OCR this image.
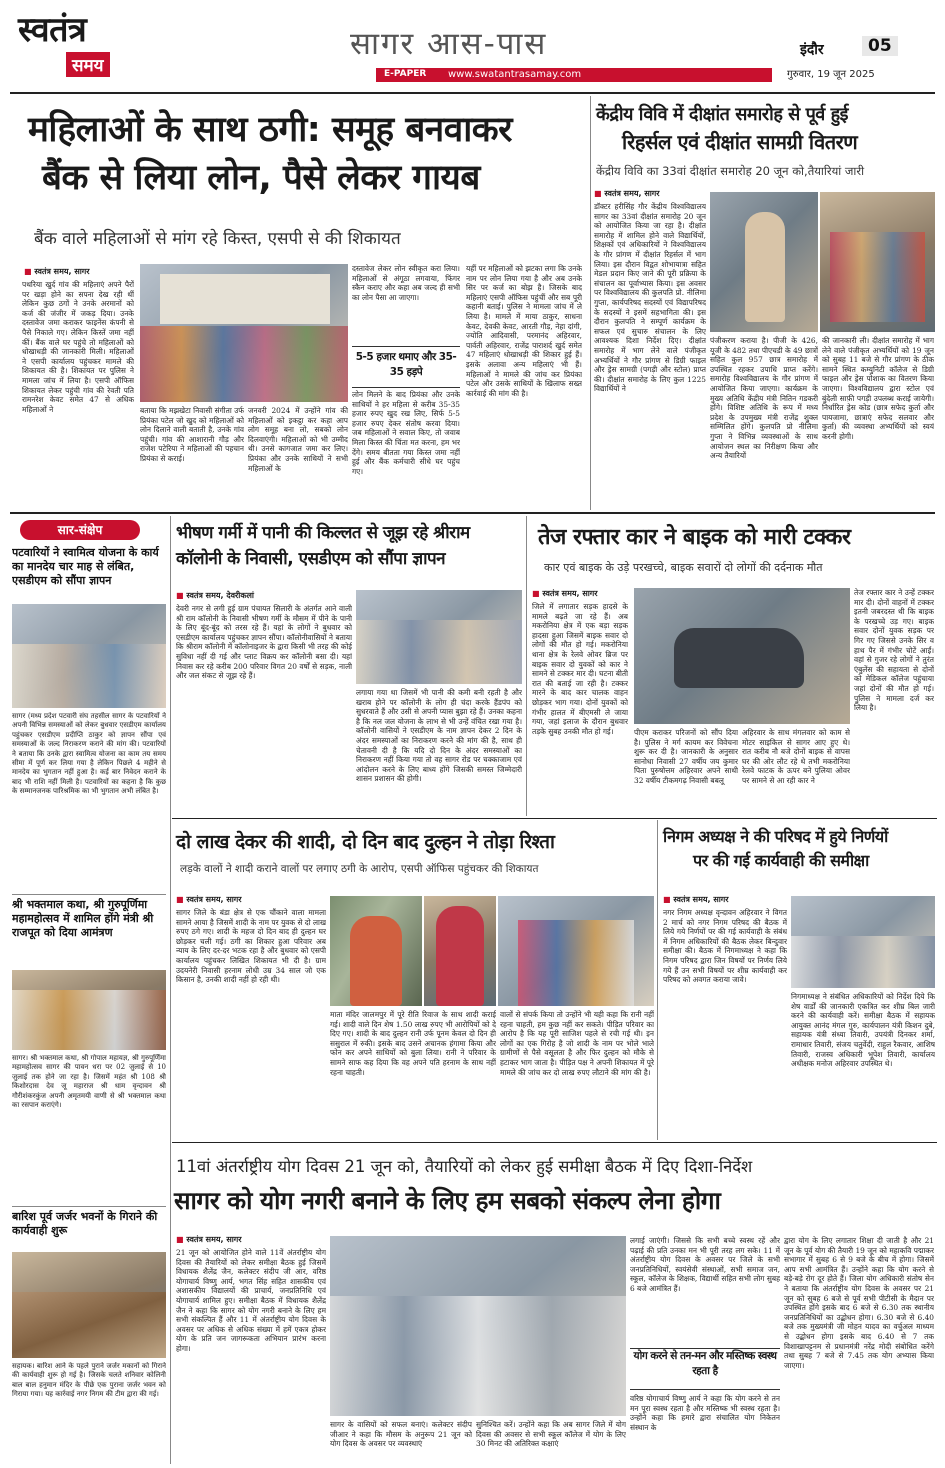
स्वतंत्र
समय
सागर आस-पास
E-PAPER www.swatantrasamay.com
इंदौर	05
गुरुवार, 19 जून 2025
महिलाओं के साथ ठगी: समूह बनवाकर
बैंक से लिया लोन, पैसे लेकर गायब
बैंक वाले महिलाओं से मांग रहे किस्त, एसपी से की शिकायत
■ स्वतंत्र समय, सागर
पथरिया खुर्द गांव की महिलाएं अपने पैरों पर खड़ा होने का सपना देख रही थीं लेकिन कुछ ठगों ने उनके अरमानों को कर्ज की जंजीर में जकड़ दिया। उनके दस्तावेज जमा कराकर फाइनेंस कंपनी से पैसे निकाले गए। लेकिन किस्तें जमा नहीं कीं। बैंक वाले घर पहुंचे तो महिलाओं को धोखाधड़ी की जानकारी मिली। महिलाओं ने एसपी कार्यालय पहुंचकर मामले की शिकायत की है। शिकायत पर पुलिस ने मामला जांच में लिया है। एसपी ऑफिस शिकायत लेकर पहुंची गांव की रेवती पति रामनरेश केवट समेत 47 से अधिक महिलाओं ने	बताया कि मझखेटा निवासी संगीता उर्फ प्रियंका पटेल जो खुद को महिलाओं को लोन दिलाने वाली बताती है, उनके गांव पहुंची। गांव की आशारानी गौड़ और राजेश पटेरिया ने महिलाओं की पहचान प्रियंका से कराई।
जनवरी 2024 में उन्होंने गांव की महिलाओं को इकट्ठा कर कहा आप लोग समूह बना लो, सबको लोन दिलवाएंगी। महिलाओं को भी उम्मीद थी। उनसे कागजात जमा कर लिए। प्रियंका और उनके साथियों ने सभी महिलाओं के
दस्तावेज लेकर लोन स्वीकृत करा लिया। महिलाओं से अंगूठा लगवाया, फिंगर स्कैन कराए और कहा अब जल्द ही सभी का लोन पैसा आ जाएगा।
5-5 हजार थमाए और 35-35 हड़पे
लोन मिलने के बाद प्रियंका और उनके साथियों ने हर महिला से करीब 35-35 हजार रुपए खुद रख लिए, सिर्फ 5-5 हजार रुपए देकर संतोष करवा दिया। जब महिलाओं ने सवाल किए, तो जवाब मिला किस्त की चिंता मत करना, हम भर देंगे। समय बीतता गया किस्त जमा नहीं हुई और बैंक कर्मचारी सीधे घर पहुंच गए।
यहीं पर महिलाओं को झटका लगा कि उनके नाम पर लोन लिया गया है और अब उनके सिर पर कर्ज का बोझ है। जिसके बाद महिलाएं एसपी ऑफिस पहुंचीं और सब पूरी कहानी बताई। पुलिस ने मामला जांच में ले लिया है। मामले में माया ठाकुर, साधना केवट, देवकी केवट, आरती गौड़, नेहा दांगी, ज्योति आदिवासी, परमानंद अहिरवार, पार्वती अहिरवार, राजेंद्र पाराशर्द खुर्द समेत 47 महिलाएं धोखाधड़ी की शिकार हुई हैं। इसके अलावा अन्य महिलाएं भी हैं। महिलाओं ने मामले की जांच कर प्रियंका पटेल और उसके साथियों के खिलाफ सख्त कार्रवाई की मांग की है।
केंद्रीय विवि में दीक्षांत समारोह से पूर्व हुई
रिहर्सल एवं दीक्षांत सामग्री वितरण
केंद्रीय विवि का 33वां दीक्षांत समारोह 20 जून को,तैयारियां जारी
■ स्वतंत्र समय, सागर
डॉक्टर हरीसिंह गौर केंद्रीय विश्वविद्यालय सागर का 33वां दीक्षांत समारोह 20 जून को आयोजित किया जा रहा है। दीक्षांत समारोह में शामिल होने वाले विद्यार्थियों, शिक्षकों एवं अधिकारियों ने विश्वविद्यालय के गौर प्रांगण में दीक्षांत रिहर्सल में भाग लिया। इस दौरान विद्वत शोभायात्रा सहित मेडल प्रदान किए जाने की पूरी प्रक्रिया के संचालन का पूर्वाभ्यास किया। इस अवसर पर विश्वविद्यालय की कुलपति प्रो. नीलिमा गुप्ता, कार्यपरिषद सदस्यों एवं विद्यापरिषद के सदस्यों ने इसमें सहभागिता की। इस दौरान कुलपति ने सम्पूर्ण कार्यक्रम के सफल एवं सुचारु संचालन के लिए आवश्यक दिशा निर्देश दिए। दीक्षांत समारोह में भाग लेने वाले पंजीकृत अभ्यर्थियों ने गौर प्रांगण से डिग्री फाइल और ड्रेस सामग्री (पगड़ी और स्टोल) प्राप्त की। दीक्षांत समारोह के लिए कुल 1225 विद्यार्थियों ने
पंजीकरण कराया है। पीजी के 426, यूजी के 482 तथा पीएचडी के 49 छात्रों सहित कुल 957 छात्र समारोह में उपस्थित रहकर उपाधि प्राप्त करेंगे। समारोह विश्वविद्यालय के गौर प्रांगण में आयोजित किया जाएगा। कार्यक्रम के मुख्य अतिथि केंद्रीय मंत्री नितिन गडकरी होंगे। विशिष्ट अतिथि के रूप में मध्य प्रदेश के उपमुख्य मंत्री राजेंद्र शुक्ल सम्मिलित होंगे। कुलपति प्रो नीलिमा गुप्ता ने विभिन्न व्यवस्थाओं के साथ आयोजन स्थल का निरीक्षण किया और अन्य तैयारियों
की जानकारी ली। दीक्षांत समारोह में भाग लेने वाले पंजीकृत अभ्यर्थियों को 19 जून को सुबह 11 बजे से गौर प्रांगण के ठीक सामने स्थित कम्युनिटी कॉलेज से डिग्री फाइल और ड्रेस पोशाक का वितरण किया जाएगा। विश्वविद्यालय द्वारा स्टोल एवं बुंदेली साफ़ी पगड़ी उपलब्ध कराई जायेगी। निर्धारित ड्रेस कोड (छात्र सफेद कुर्ता और पायजामा, छात्राएं सफेद सलवार और कुर्ता) की व्यवस्था अभ्यर्थियों को स्वयं करनी होगी।
सार-संक्षेप
पटवारियों ने स्वामित्व योजना के कार्य का मानदेय चार माह से लंबित, एसडीएम को सौंपा ज्ञापन
सागर (मध्य प्रदेश पटवारी संघ तहसील सागर के पटवारियों ने अपनी विभिन्न समस्याओं को लेकर बुधवार एसडीएम कार्यालय पहुंचकर एसडीएम प्रदीप्ति ठाकुर को ज्ञापन सौंपा एवं समस्याओं के जल्द निराकरण कराने की मांग की। पटवारियों ने बताया कि उनके द्वारा स्वामित्व योजना का काम तय समय सीमा में पूर्ण कर लिया गया है लेकिन पिछले 4 महीने से मानदेय का भुगतान नहीं हुआ है। कई बार निवेदन कराने के बाद भी राशि नहीं मिली है। पटवारियों का कहना है कि कुछ के सम्मानजनक पारिश्रमिक का भी भुगतान अभी लंबित है।
श्री भक्तमाल कथा, श्री गुरुपूर्णिमा महामहोत्सव में शामिल होंगे मंत्री श्री राजपूत को दिया आमंत्रण
सागर। श्री भक्तमाल कथा, श्री गोपाल महायज्ञ, श्री गुरुपूर्णिमा महामहोत्सव सागर की पावन धरा पर 02 जुलाई से 10 जुलाई तक होने जा रहा है। जिसमें महंत श्री 108 श्री किशोरदास देव जू महाराज श्री धाम वृन्दावन श्री गौरीशंकरकुंज अपनी अमृतमयी वाणी से श्री भक्तमाल कथा का रसपान कराएंगे।
बारिश पूर्व जर्जर भवनों के गिराने की कार्यवाही शुरू
सहायक। बारिश आने के पहले पुराने जर्जर मकानों को गिराने की कार्यवाही शुरू हो गई है। जिसके चलते शनिवार कोलिनी बाल बाल हनुमान मंदिर के पीछे एक पुराना जर्जर भवन को गिराया गया। यह कार्रवाई नगर निगम की टीम द्वारा की गई।
भीषण गर्मी में पानी की किल्लत से जूझ रहे श्रीराम
कॉलोनी के निवासी, एसडीएम को सौंपा ज्ञापन
■ स्वतंत्र समय, देवरीकलां
देवरी नगर से लगी हुई ग्राम पंचायत सिलारी के अंतर्गत आने वाली श्री राम कॉलोनी के निवासी भीषण गर्मी के मौसम में पीने के पानी के लिए बूंद-बूंद को तरस रहे हैं। यहां के लोगों ने बुधवार को एसडीएम कार्यालय पहुंचकर ज्ञापन सौंपा। कॉलोनीवासियों ने बताया कि श्रीराम कॉलोनी में कॉलोनाइजर के द्वारा किसी भी तरह की कोई सुविधा नहीं दी गई और प्लाट विक्रय कर कॉलोनी बसा दी। यहां निवास कर रहे करीब 200 परिवार विगत 20 वर्षों से सड़क, नाली और जल संकट से जूझ रहे हैं।
लगाया गया था जिसमें भी पानी की कमी बनी रहती है और खराब होने पर कॉलोनी के लोग ही चंदा करके हैंडपंप को सुधरवाते हैं और उसी से अपनी प्यास बुझा रहे हैं। उनका कहना है कि नल जल योजना के लाभ से भी उन्हें वंचित रखा गया है। कॉलोनी वासियों ने एसडीएम के नाम ज्ञापन देकर 2 दिन के अंदर समस्याओं का निराकरण करने की मांग की है, साथ ही चेतावनी दी है कि यदि दो दिन के अंदर समस्याओं का निराकरण नहीं किया गया तो वह सागर रोड पर चक्काजाम एवं आंदोलन करने के लिए बाध्य होंगे जिसकी समस्त जिम्मेदारी शासन प्रशासन की होगी।
तेज रफ्तार कार ने बाइक को मारी टक्कर
कार एवं बाइक के उड़े परखच्चे, बाइक सवारों दो लोगों की दर्दनाक मौत
■ स्वतंत्र समय, सागर
जिले में लगातार सड़क हादसे के मामले बढ़ते जा रहे हैं। अब मकरोनिया क्षेत्र में एक बड़ा सड़क हादसा हुआ जिसमें बाइक सवार दो लोगों की मौत हो गई। मकरोनिया थाना क्षेत्र के रेलवे ओवर ब्रिज पर बाइक सवार दो युवकों को कार ने सामने से टक्कर मार दी। घटना बीती रात की बताई जा रही है। टक्कर मारने के बाद कार चालक वाहन छोड़कर भाग गया। दोनों युवकों को गंभीर हालत में बीएमसी ले जाया गया, जहां इलाज के दौरान बुधवार तड़के सुबह उनकी मौत हो गई।	पीएम कराकर परिजनों को सौंप दिया है। पुलिस ने मर्ग कायम कर विवेचना शुरू कर दी है। जानकारी के अनुसार सानोधा निवासी 27 वर्षीय जय कुमार पिता पुरुषोत्तम अहिरवार अपने साथी 32 वर्षीय टीकमगढ़ निवासी बबलू
अहिरवार के साथ मंगलवार को काम से मोटर साइकिल से सागर आए हुए थे। रात करीब नौ बजे दोनों बाइक से वापस घर की ओर लौट रहे थे तभी मकरोनिया रेलवे फाटक के ऊपर बने पुलिया ओवर पर सामने से आ रही कार ने
तेज रफ्तार कार ने उन्हें टक्कर मार दी। दोनों वाहनों में टक्कर इतनी जबरदस्त थी कि बाइक के परखच्चे उड़ गए। बाइक सवार दोनों युवक सड़क पर गिर गए जिससे उनके सिर व हाथ पैर में गंभीर चोटें आईं। वहां से गुजर रहे लोगों ने तुरंत एंबुलेंस की सहायता से दोनों को मेडिकल कॉलेज पहुंचाया जहां दोनों की मौत हो गई। पुलिस ने मामला दर्ज कर लिया है।
दो लाख देकर की शादी, दो दिन बाद दुल्हन ने तोड़ा रिश्ता
लड़के वालों ने शादी कराने वालों पर लगाए ठगी के आरोप, एसपी ऑफिस पहुंचकर की शिकायत
■ स्वतंत्र समय, सागर
सागर जिले के बंडा क्षेत्र से एक चौंकाने वाला मामला सामने आया है जिसमें शादी के नाम पर युवक से दो लाख रुपए ठगे गए। शादी के महज दो दिन बाद ही दुल्हन घर छोड़कर चली गई। ठगी का शिकार हुआ परिवार अब न्याय के लिए दर-दर भटक रहा है और बुधवार को एसपी कार्यालय पहुंचकर लिखित शिकायत भी दी है। ग्राम उदयनेरी निवासी हरनाम लोधी उम्र 34 साल जो एक किसान है, उनकी शादी नहीं हो रही थी।
माता मंदिर जालमपुर में पूरे रीति रिवाज के साथ शादी कराई गई। शादी वाले दिन शेष 1.50 लाख रुपए भी आरोपियों को दे दिए गए। शादी के बाद दुल्हन रानी उर्फ पूनम केवल दो दिन ही ससुराल में रुकी। इसके बाद उसने अचानक हंगामा किया और फोन कर अपने साथियों को बुला लिया। रानी ने परिवार के सामने साफ कह दिया कि वह अपने पति हरनाम के साथ नहीं रहना चाहती।
वालों से संपर्क किया तो उन्होंने भी यही कहा कि रानी नहीं रहना चाहती, हम कुछ नहीं कर सकते। पीड़ित परिवार का आरोप है कि यह पूरी साजिश पहले से रची गई थी। इन लोगों का एक गिरोह है जो शादी के नाम पर भोले भाले ग्रामीणों से पैसे वसूलता है और फिर दुल्हन को मौके से हटाकर भाग जाता है। पीड़ित पक्ष ने अपनी शिकायत में पूरे मामले की जांच कर दो लाख रुपए लौटाने की मांग की है।
निगम अध्यक्ष ने की परिषद में हुये निर्णयों
पर की गई कार्यवाही की समीक्षा
■ स्वतंत्र समय, सागर
नगर निगम अध्यक्ष वृन्दावन अहिरवार ने विगत 2 मार्च को नगर निगम परिषद की बैठक में लिये गये निर्णयों पर की गई कार्यवाही के संबंध में निगम अधिकारियों की बैठक लेकर बिन्दुवार समीक्षा की। बैठक में निगमाध्यक्ष ने कहा कि निगम परिषद द्वारा जिन विषयों पर निर्णय लिये गये हैं उन सभी विषयों पर शीघ्र कार्यवाही कर परिषद को अवगत कराया जावे।
निगमाध्यक्ष ने संबंधित अधिकारियों को निर्देश दिये कि शेष वार्डों की जानकारी एकत्रित कर शीघ्र बिल जारी करने की कार्यवाही करें। समीक्षा बैठक में सहायक आयुक्त आनंद मंगल गुरु, कार्यपालन यंत्री किशन दुबे, सहायक यंत्री संध्या तिवारी, उपयंत्री दिनकर शर्मा, रामाधार तिवारी, संजय चतुर्वेदी, राहुल रैकवार, आशिष तिवारी, राजस्व अधिकारी भूपेश तिवारी, कार्यालय अधीक्षक मनोज अहिरवार उपस्थित थे।
11वां अंतर्राष्ट्रीय योग दिवस 21 जून को, तैयारियों को लेकर हुई समीक्षा बैठक में दिए दिशा-निर्देश
सागर को योग नगरी बनाने के लिए हम सबको संकल्प लेना होगा
■ स्वतंत्र समय, सागर
21 जून को आयोजित होने वाले 11वें अंतर्राष्ट्रीय योग दिवस की तैयारियों को लेकर समीक्षा बैठक हुई जिसमें विधायक शैलेंद्र जैन, कलेक्टर संदीप जी आर, वरिष्ठ योगाचार्य विष्णु आर्य, भगत सिंह सहित शासकीय एवं अशासकीय विद्यालयों की प्राचार्य, जनप्रतिनिधि एवं योगाचार्य शामिल हुए। समीक्षा बैठक में विधायक शैलेंद्र जैन ने कहा कि सागर को योग नगरी बनाने के लिए हम सभी संकल्पित हैं और 11 में अंतर्राष्ट्रीय योग दिवस के अवसर पर अधिक से अधिक संख्या में हमें एकत्र होकर योग के प्रति जन जागरूकता अभियान प्रारंभ करना होगा।
सागर के वासियों को सफल बनाएं। कलेक्टर संदीप जीआर ने कहा कि मौसम के अनुरूप 21 जून को योग दिवस के अवसर पर व्यवस्थाएं
सुनिश्चित करें। उन्होंने कहा कि अब सागर जिले में योग दिवस की अवसर से सभी स्कूल कॉलेज में योग के लिए 30 मिनट की अतिरिक्त कक्षाएं
लगाई जाएंगी। जिससे कि सभी बच्चे स्वस्थ रहें और पढ़ाई की प्रति उनका मन भी पूरी तरह लग सके। 11 में अंतर्राष्ट्रीय योग दिवस के अवसर पर जिले के सभी जनप्रतिनिधियों, स्वयंसेवी संस्थाओं, सभी समाज जन, स्कूल, कॉलेज के शिक्षक, विद्यार्थी सहित सभी लोग सुबह 6 बजे आमंत्रित हैं।
योग करने से तन-मन और मस्तिष्क स्वस्थ रहता है
वरिष्ठ योगाचार्य विष्णु आर्य ने कहा कि योग करने से तन मन पूरा स्वस्थ रहता है और मस्तिष्क भी स्वस्थ रहता है। उन्होंने कहा कि हमारे द्वारा संचालित योग निकेतन संस्थान के
द्वारा योग के लिए लगातार शिक्षा दी जाती है और 21 जून के पूर्व योग की तैयारी 19 जून को महाकवि पद्माकर सभागार में सुबह 6 से 9 बजे के बीच में होगा। जिसमें आप सभी आमंत्रित हैं। उन्होंने कहा कि योग करने से बड़े-बड़े रोग दूर होते हैं। जिला योग अधिकारी संतोष सेन ने बताया कि अंतर्राष्ट्रीय योग दिवस के अवसर पर 21 जून को सुबह 6 बजे से पूर्व सभी पीटीसी के मैदान पर उपस्थित होंगे इसके बाद 6 बजे से 6.30 तक स्थानीय जनप्रतिनिधियों का उद्बोधन होगा। 6.30 बजे से 6.40 बजे तक मुख्यमंत्री जी मोहन यादव का वर्चुअल माध्यम से उद्बोधन होगा इसके बाद 6.40 से 7 तक विशाखापट्टनम से प्रधानमंत्री नरेंद्र मोदी संबोधित करेंगे तथा सुबह 7 बजे से 7.45 तक योग अभ्यास किया जाएगा।
